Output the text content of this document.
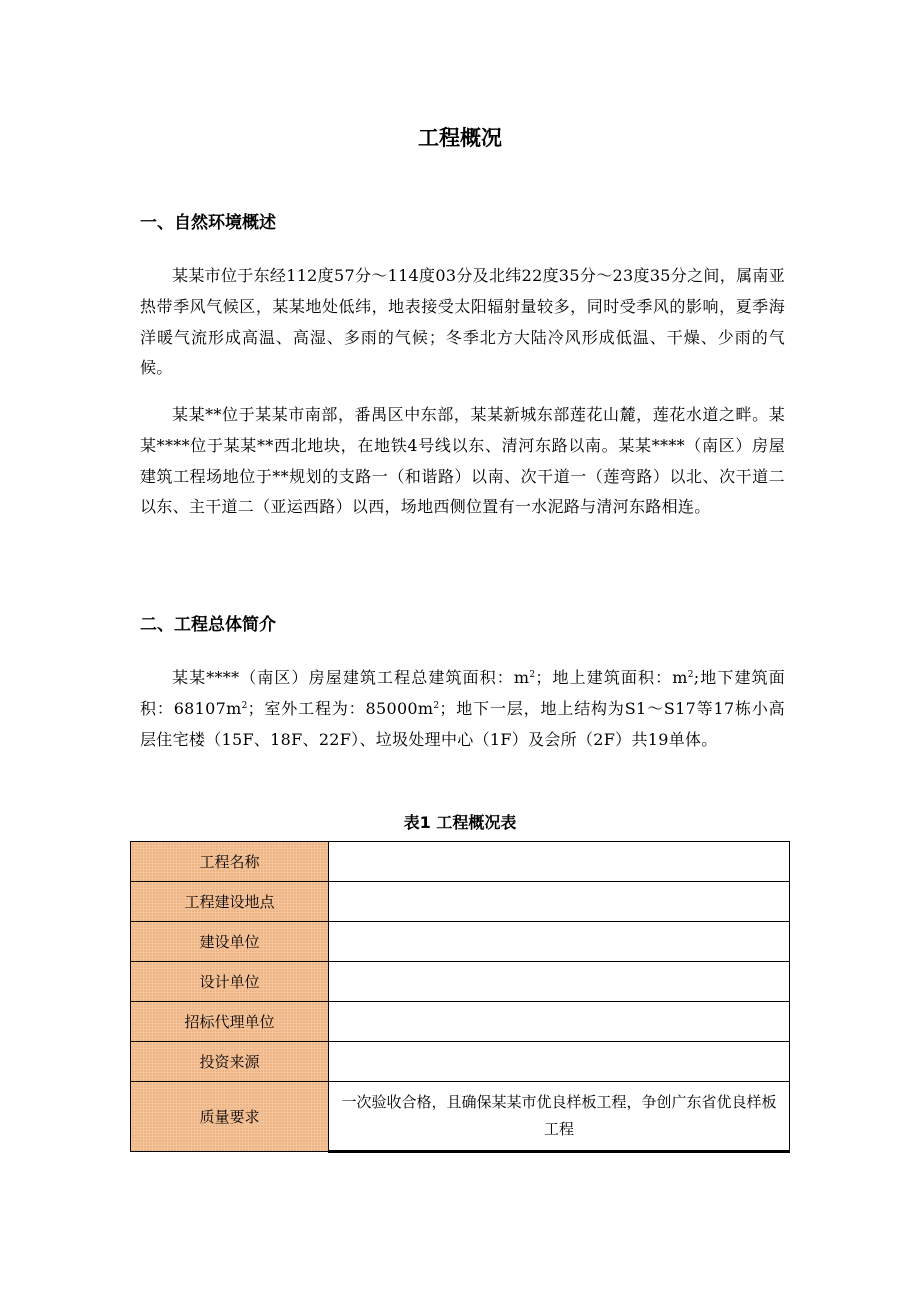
工程概况
一、自然环境概述

某某市位于东经112度57分～114度03分及北纬22度35分～23度35分之间，属南亚热带季风气候区，某某地处低纬，地表接受太阳辐射量较多，同时受季风的影响，夏季海洋暖气流形成高温、高湿、多雨的气候；冬季北方大陆冷风形成低温、干燥、少雨的气候。

某某**位于某某市南部，番禺区中东部，某某新城东部莲花山麓，莲花水道之畔。某某****位于某某**西北地块，在地铁4号线以东、清河东路以南。某某****（南区）房屋建筑工程场地位于**规划的支路一（和谐路）以南、次干道一（莲弯路）以北、次干道二以东、主干道二（亚运西路）以西，场地西侧位置有一水泥路与清河东路相连。

二、工程总体简介

某某****（南区）房屋建筑工程总建筑面积：$m^2$；地上建筑面积：$m^2$;地下建筑面积：$68107m^2$；室外工程为：$85000m^2$；地下一层，地上结构为S1～S17等17栋小高层住宅楼（15F、18F、22F）、垃圾处理中心（1F）及会所（2F）共19单体。

表1 工程概况表

工程名称	
工程建设地点	
建设单位	
设计单位	
招标代理单位	
投资来源	
质量要求	一次验收合格，且确保某某市优良样板工程，争创广东省优良样板工程
